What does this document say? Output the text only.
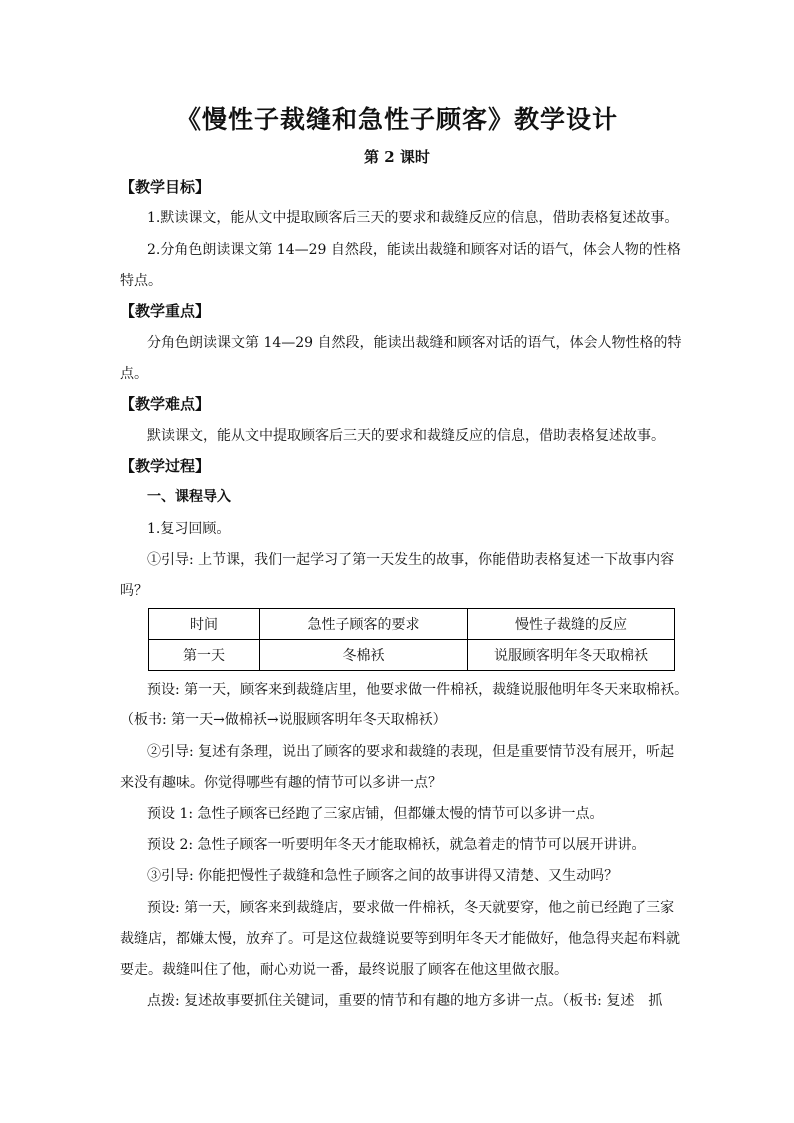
《慢性子裁缝和急性子顾客》教学设计
第 2 课时
【教学目标】
1.默读课文，能从文中提取顾客后三天的要求和裁缝反应的信息，借助表格复述故事。
2.分角色朗读课文第 14—29 自然段，能读出裁缝和顾客对话的语气，体会人物的性格
特点。
【教学重点】
分角色朗读课文第 14—29 自然段，能读出裁缝和顾客对话的语气，体会人物性格的特
点。
【教学难点】
默读课文，能从文中提取顾客后三天的要求和裁缝反应的信息，借助表格复述故事。
【教学过程】
一、课程导入
1.复习回顾。
①引导: 上节课，我们一起学习了第一天发生的故事，你能借助表格复述一下故事内容
吗？
时间	急性子顾客的要求	慢性子裁缝的反应
第一天	冬棉袄	说服顾客明年冬天取棉袄
预设: 第一天，顾客来到裁缝店里，他要求做一件棉袄，裁缝说服他明年冬天来取棉袄。
（板书: 第一天→做棉袄→说服顾客明年冬天取棉袄）
②引导: 复述有条理，说出了顾客的要求和裁缝的表现，但是重要情节没有展开，听起
来没有趣味。你觉得哪些有趣的情节可以多讲一点？
预设 1: 急性子顾客已经跑了三家店铺，但都嫌太慢的情节可以多讲一点。
预设 2: 急性子顾客一听要明年冬天才能取棉袄，就急着走的情节可以展开讲讲。
③引导: 你能把慢性子裁缝和急性子顾客之间的故事讲得又清楚、又生动吗？
预设: 第一天，顾客来到裁缝店，要求做一件棉袄，冬天就要穿，他之前已经跑了三家
裁缝店，都嫌太慢，放弃了。可是这位裁缝说要等到明年冬天才能做好，他急得夹起布料就
要走。裁缝叫住了他，耐心劝说一番，最终说服了顾客在他这里做衣服。
点拨: 复述故事要抓住关键词，重要的情节和有趣的地方多讲一点。（板书: 复述　抓
